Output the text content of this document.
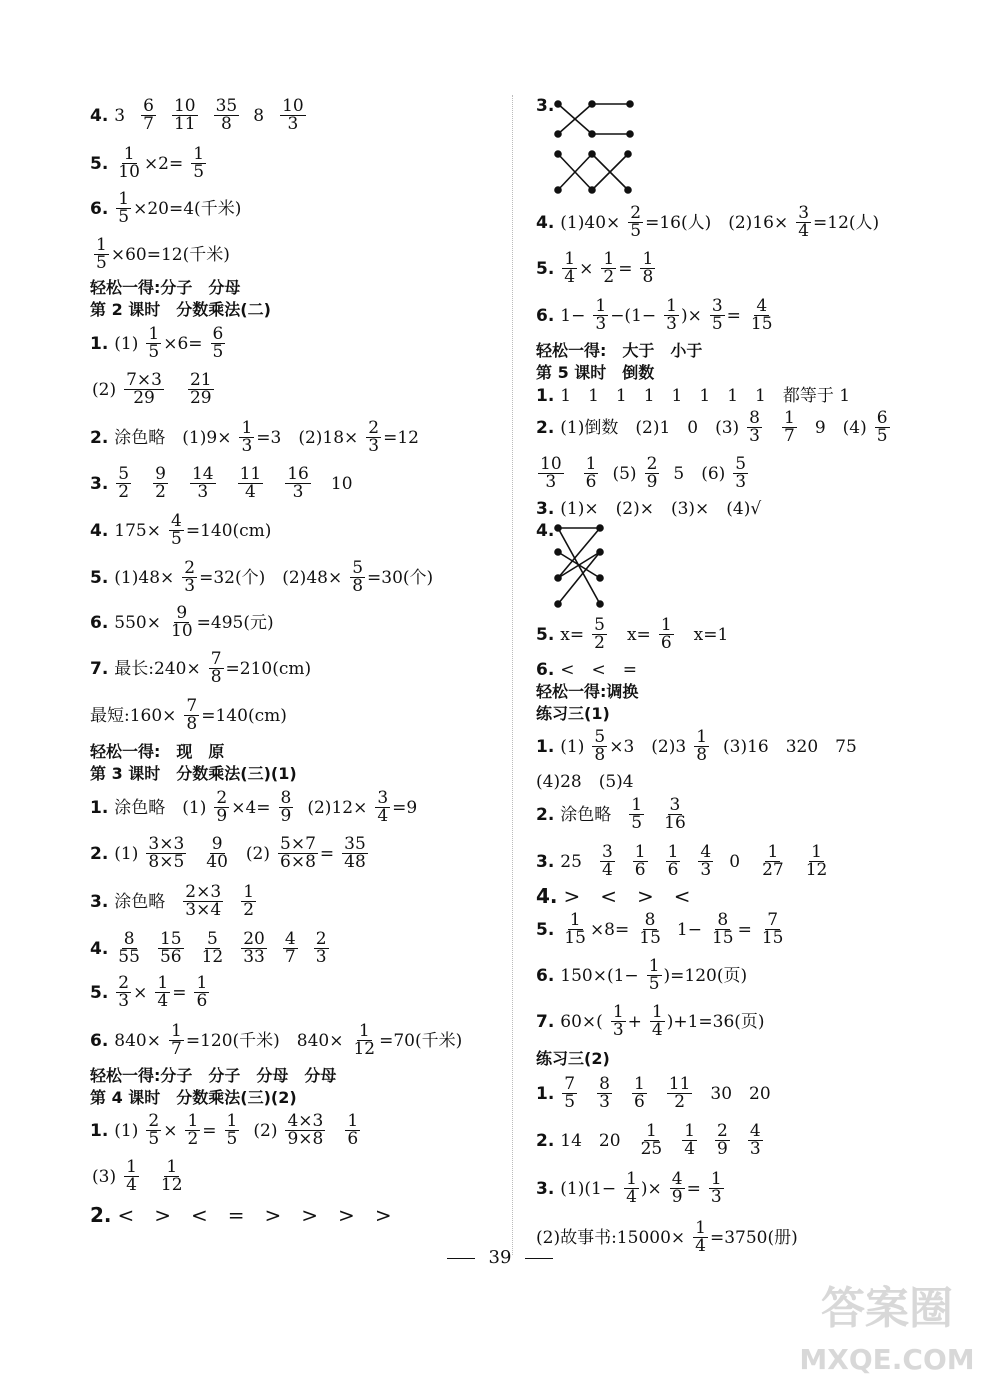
4. $3 \frac{6}{7} \frac{10}{11} \frac{35}{8} 8 \frac{10}{3}$
5. $\frac{1}{10} \times 2= \frac{1}{5}$
6. $\frac{1}{5} \times 20=4$(千米)
$\frac{1}{5} \times 60=12$(千米)
轻松一得:分子　分母
第 2 课时　分数乘法(二)
1. $(1) \frac{1}{5} \times 6= \frac{6}{5}$
$(2) \frac{7\times 3}{29} \frac{21}{29}$
2. 涂色略　$(1)9\times \frac{1}{3} =3$　$(2)18\times \frac{2}{3} =12$
3. $\frac{5}{2} \frac{9}{2} \frac{14}{3} \frac{11}{4} \frac{16}{3} 10$
4. $175\times \frac{4}{5} =140(cm)$
5. $(1)48\times \frac{2}{3} =32$(个)　$(2)48\times \frac{5}{8} =30$(个)
6. $550\times \frac{9}{10} =495$(元)
7. 最长:240× $\frac{7}{8} =210(cm)$
最短:160× $\frac{7}{8} =140(cm)$
轻松一得:　现　原
第 3 课时　分数乘法(三)(1)
1. 涂色略　$(1) \frac{2}{9} \times 4= \frac{8}{9} (2)12\times \frac{3}{4} =9$
2. $(1) \frac{3\times 3}{8\times 5} \frac{9}{40} (2) \frac{5\times 7}{6\times 8} = \frac{35}{48}$
3. 涂色略 $\frac{2\times 3}{3\times 4} \frac{1}{2}$
4. $\frac{8}{55} \frac{15}{56} \frac{5}{12} \frac{20}{33} \frac{4}{7} \frac{2}{3}$
5. $\frac{2}{3} \times \frac{1}{4} = \frac{1}{6}$
6. $840\times \frac{1}{7} =120$(千米)　$840\times \frac{1}{12} =70$(千米)
轻松一得:分子　分子　分母　分母
第 4 课时　分数乘法(三)(2)
1. $(1) \frac{2}{5} \times \frac{1}{2} = \frac{1}{5} (2) \frac{4\times 3}{9\times 8} \frac{1}{6}$
$(3) \frac{1}{4} \frac{1}{12}$
2. <　>　<　=　>　>　>　>
3.
4. $(1)40\times \frac{2}{5} =16$(人)　$(2)16\times \frac{3}{4} =12$(人)
5. $\frac{1}{4} \times \frac{1}{2} = \frac{1}{8}$
6. $1- \frac{1}{3} -(1- \frac{1}{3}$ )× $\frac{3}{5} = \frac{4}{15}$
轻松一得:　大于　小于
第 5 课时　倒数
1. 1　1　1　1　1　1　1　1　都等于 1
2. (1)倒数　(2)1　0　$(3) \frac{8}{3} \frac{1}{7} 9$　$(4) \frac{6}{5}$
$\frac{10}{3} \frac{1}{6} (5) \frac{2}{9} 5$　$(6) \frac{5}{3}$
3. (1)×　(2)×　(3)×　(4)√
4.
5. $x= \frac{5}{2} x= \frac{1}{6} x=1$
6. <　<　=
轻松一得:调换
练习三(1)
1. $(1) \frac{5}{8} \times 3$　$(2)3 \frac{1}{8} (3)16$　320　75
(4)28　(5)4
2. 涂色略 $\frac{1}{5} \frac{3}{16}$
3. $25 \frac{3}{4} \frac{1}{6} \frac{1}{6} \frac{4}{3} 0 \frac{1}{27} \frac{1}{12}$
4. >　<　>　<
5. $\frac{1}{15} \times 8= \frac{8}{15} 1- \frac{8}{15} = \frac{7}{15}$
6. $150\times(1- \frac{1}{5} )=120$(页)
7. $60\times( \frac{1}{3} + \frac{1}{4} )+1=36$(页)
练习三(2)
1. $\frac{7}{5} \frac{8}{3} \frac{1}{6} \frac{11}{2} 30$　20
2. 14　$20 \frac{1}{25} \frac{1}{4} \frac{2}{9} \frac{4}{3}$
3. $(1)(1- \frac{1}{4}$ )× $\frac{4}{9} = \frac{1}{3}$
(2)故事书:15000× $\frac{1}{4} =3750$(册)
39
答案圈
MXQE.COM
